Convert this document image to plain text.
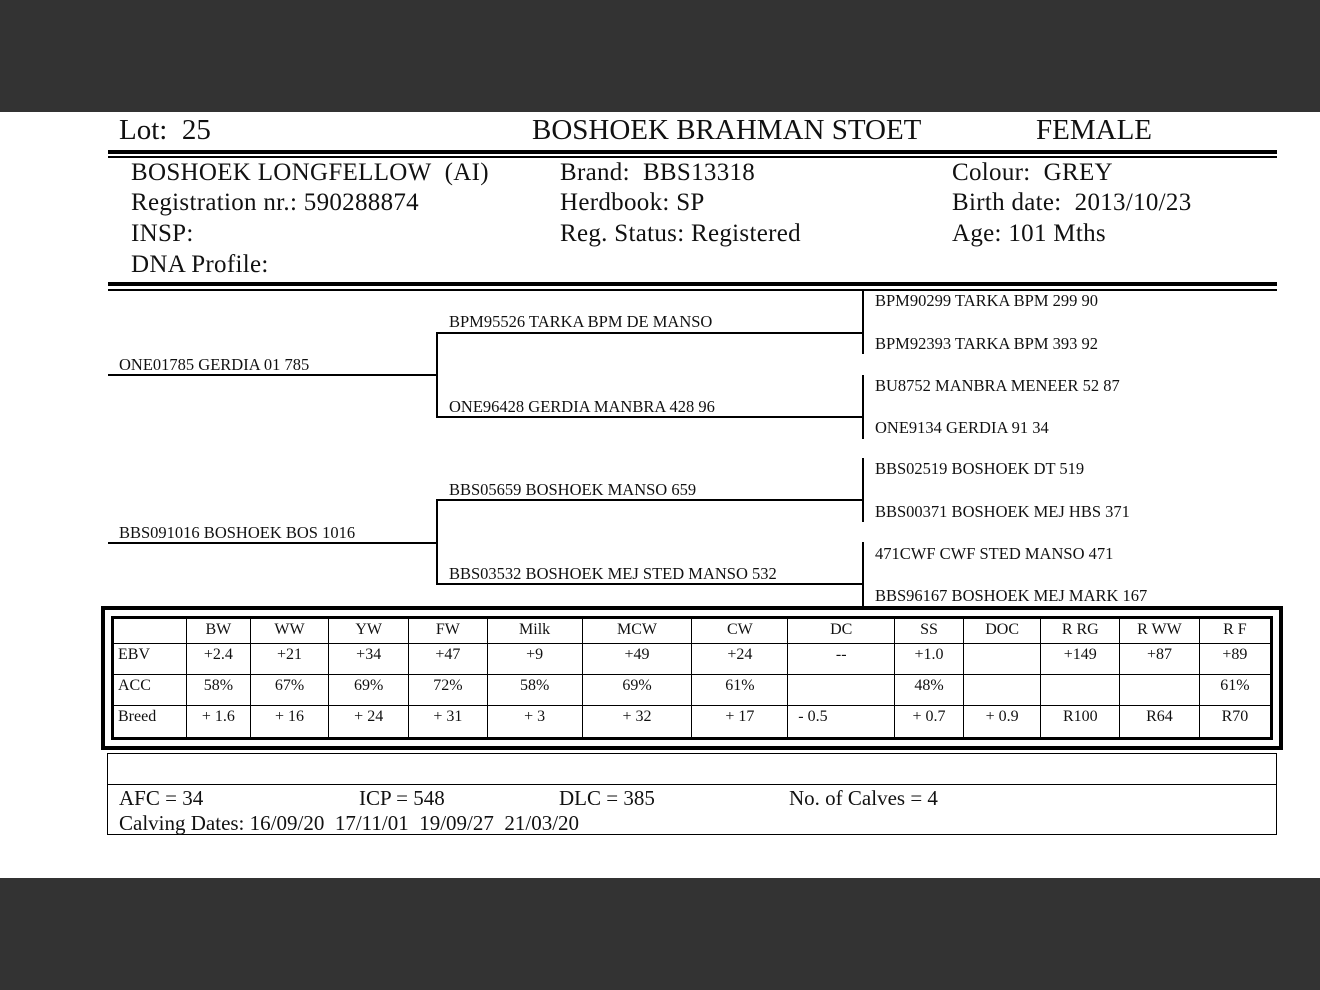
Lot: 25	BOSHOEK BRAHMAN STOET	FEMALE
BOSHOEK LONGFELLOW (AI)
Registration nr.: 590288874
INSP:
DNA Profile:
Brand: BBS13318
Herdbook: SP
Reg. Status: Registered
Colour: GREY
Birth date: 2013/10/23
Age: 101 Mths
ONE01785 GERDIA 01 785
BBS091016 BOSHOEK BOS 1016
BPM95526 TARKA BPM DE MANSO
ONE96428 GERDIA MANBRA 428 96
BBS05659 BOSHOEK MANSO 659
BBS03532 BOSHOEK MEJ STED MANSO 532
BPM90299 TARKA BPM 299 90
BPM92393 TARKA BPM 393 92
BU8752 MANBRA MENEER 52 87
ONE9134 GERDIA 91 34
BBS02519 BOSHOEK DT 519
BBS00371 BOSHOEK MEJ HBS 371
471CWF CWF STED MANSO 471
BBS96167 BOSHOEK MEJ MARK 167
	BW	WW	YW	FW	Milk	MCW	CW	DC	SS	DOC	R RG	R WW	R F
EBV	+2.4	+21	+34	+47	+9	+49	+24	--	+1.0		+149	+87	+89
ACC	58%	67%	69%	72%	58%	69%	61%		48%				61%
Breed	+ 1.6	+ 16	+ 24	+ 31	+ 3	+ 32	+ 17	- 0.5	+ 0.7	+ 0.9	R100	R64	R70
AFC = 34	ICP = 548	DLC = 385	No. of Calves = 4
Calving Dates: 16/09/20  17/11/01  19/09/27  21/03/20
